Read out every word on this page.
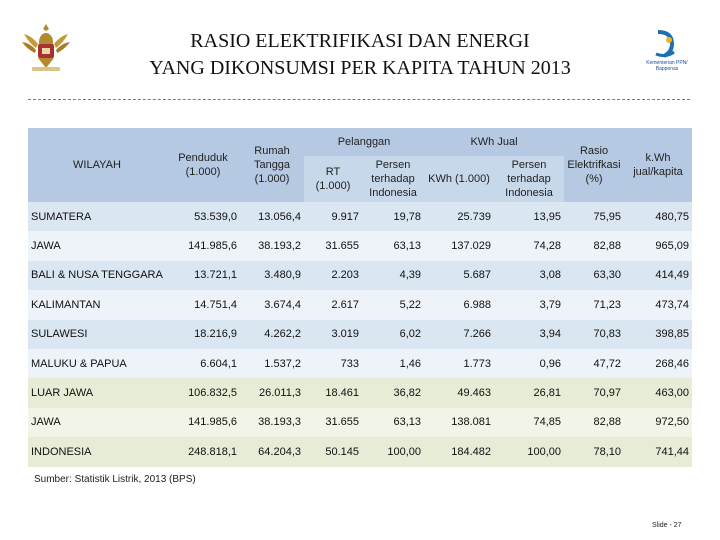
Kementerian PPN/ Bappenas
RASIO ELEKTRIFIKASI DAN ENERGI
YANG DIKONSUMSI PER KAPITA TAHUN 2013
WILAYAH	Penduduk (1.000)	Rumah Tangga (1.000)	Pelanggan		KWh Jual		Rasio Elektrifkasi (%)	k.Wh jual/kapita
			RT (1.000)	Persen terhadap Indonesia	KWh (1.000)	Persen terhadap Indonesia		
SUMATERA	53.539,0	13.056,4	9.917	19,78	25.739	13,95	75,95	480,75
JAWA	141.985,6	38.193,2	31.655	63,13	137.029	74,28	82,88	965,09
BALI & NUSA TENGGARA	13.721,1	3.480,9	2.203	4,39	5.687	3,08	63,30	414,49
KALIMANTAN	14.751,4	3.674,4	2.617	5,22	6.988	3,79	71,23	473,74
SULAWESI	18.216,9	4.262,2	3.019	6,02	7.266	3,94	70,83	398,85
MALUKU & PAPUA	6.604,1	1.537,2	733	1,46	1.773	0,96	47,72	268,46
LUAR JAWA	106.832,5	26.011,3	18.461	36,82	49.463	26,81	70,97	463,00
JAWA	141.985,6	38.193,3	31.655	63,13	138.081	74,85	82,88	972,50
INDONESIA	248.818,1	64.204,3	50.145	100,00	184.482	100,00	78,10	741,44
Sumber: Statistik Listrik, 2013 (BPS)
Slide - 27
